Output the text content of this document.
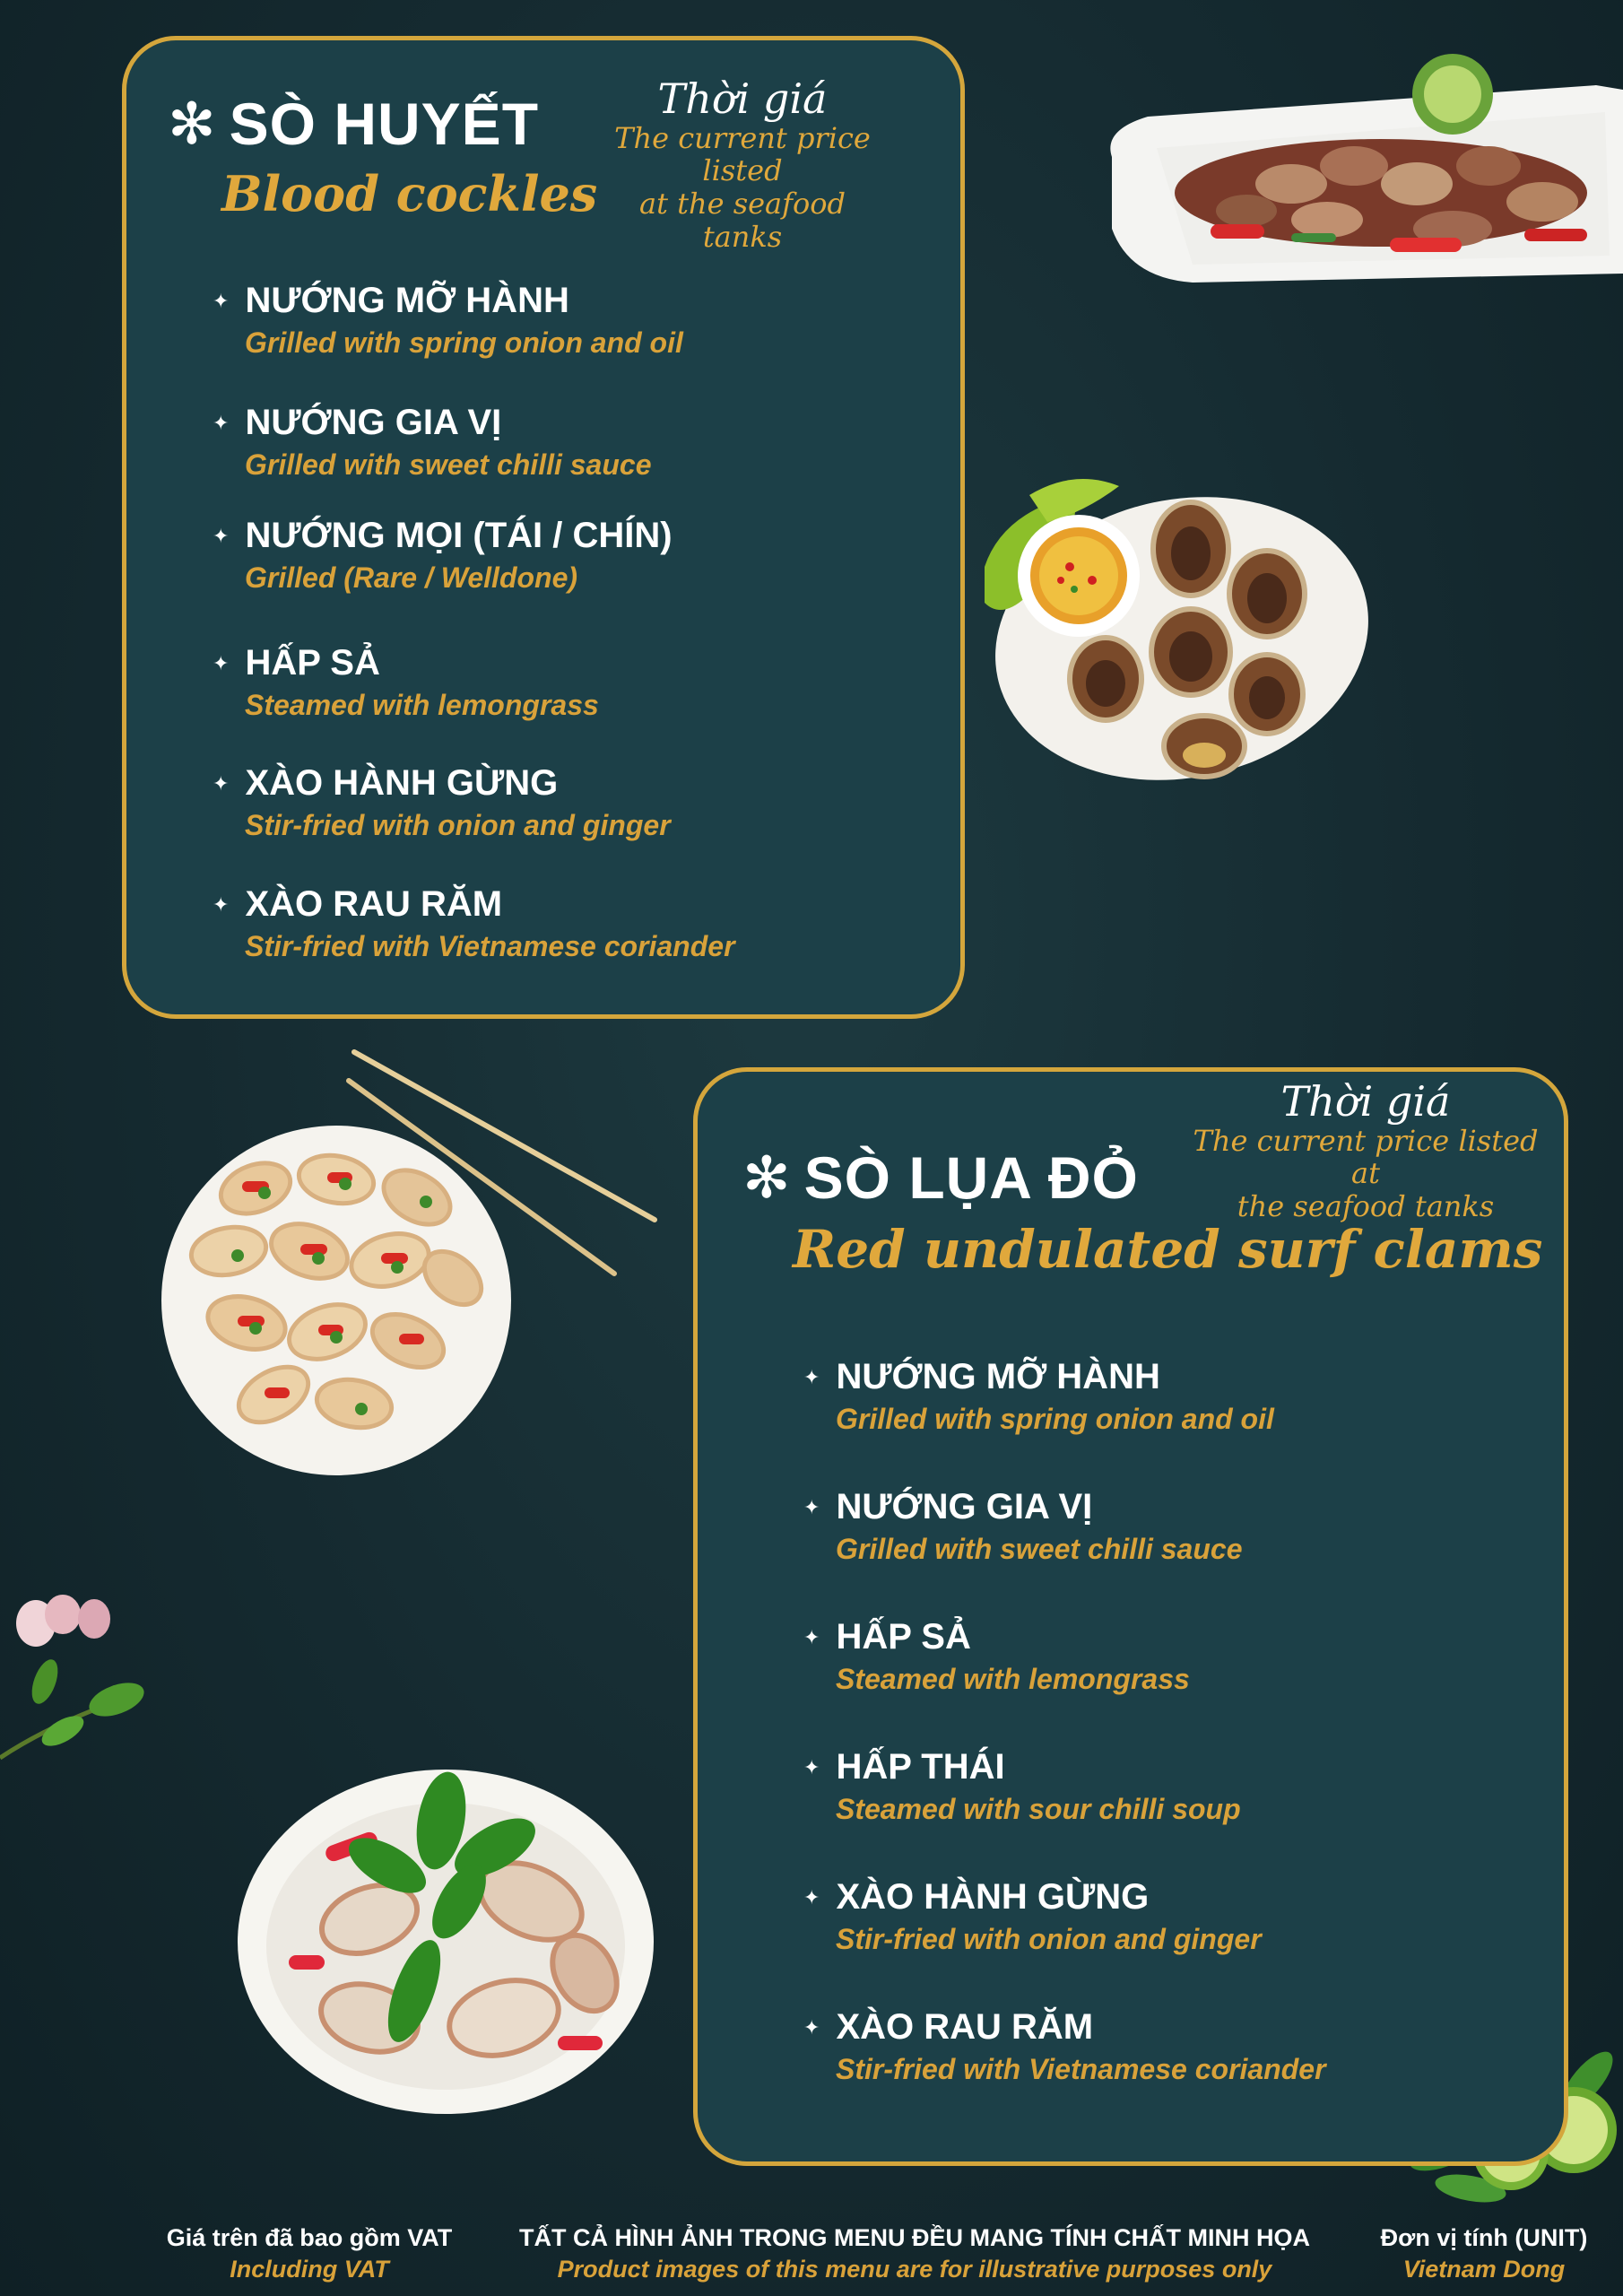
✻ SÒ HUYẾT
Blood cockles
Thời giá
The current price listed
at the seafood tanks
✦ NƯỚNG MỠ HÀNH
Grilled with spring onion and oil
✦ NƯỚNG GIA VỊ
Grilled with sweet chilli sauce
✦ NƯỚNG MỌI (TÁI / CHÍN)
Grilled (Rare / Welldone)
✦ HẤP SẢ
Steamed with lemongrass
✦ XÀO HÀNH GỪNG
Stir-fried with onion and ginger
✦ XÀO RAU RĂM
Stir-fried with Vietnamese coriander
✻ SÒ LỤA ĐỎ
Red undulated surf clams
Thời giá
The current price listed at
the seafood tanks
✦ NƯỚNG MỠ HÀNH
Grilled with spring onion and oil
✦ NƯỚNG GIA VỊ
Grilled with sweet chilli sauce
✦ HẤP SẢ
Steamed with lemongrass
✦ HẤP THÁI
Steamed with sour chilli soup
✦ XÀO HÀNH GỪNG
Stir-fried with onion and ginger
✦ XÀO RAU RĂM
Stir-fried with Vietnamese coriander
Giá trên đã bao gồm VAT
Including VAT
TẤT CẢ HÌNH ẢNH TRONG MENU ĐỀU MANG TÍNH CHẤT MINH HỌA
Product images of this menu are for illustrative purposes only
Đơn vị tính (UNIT)
Vietnam Dong
